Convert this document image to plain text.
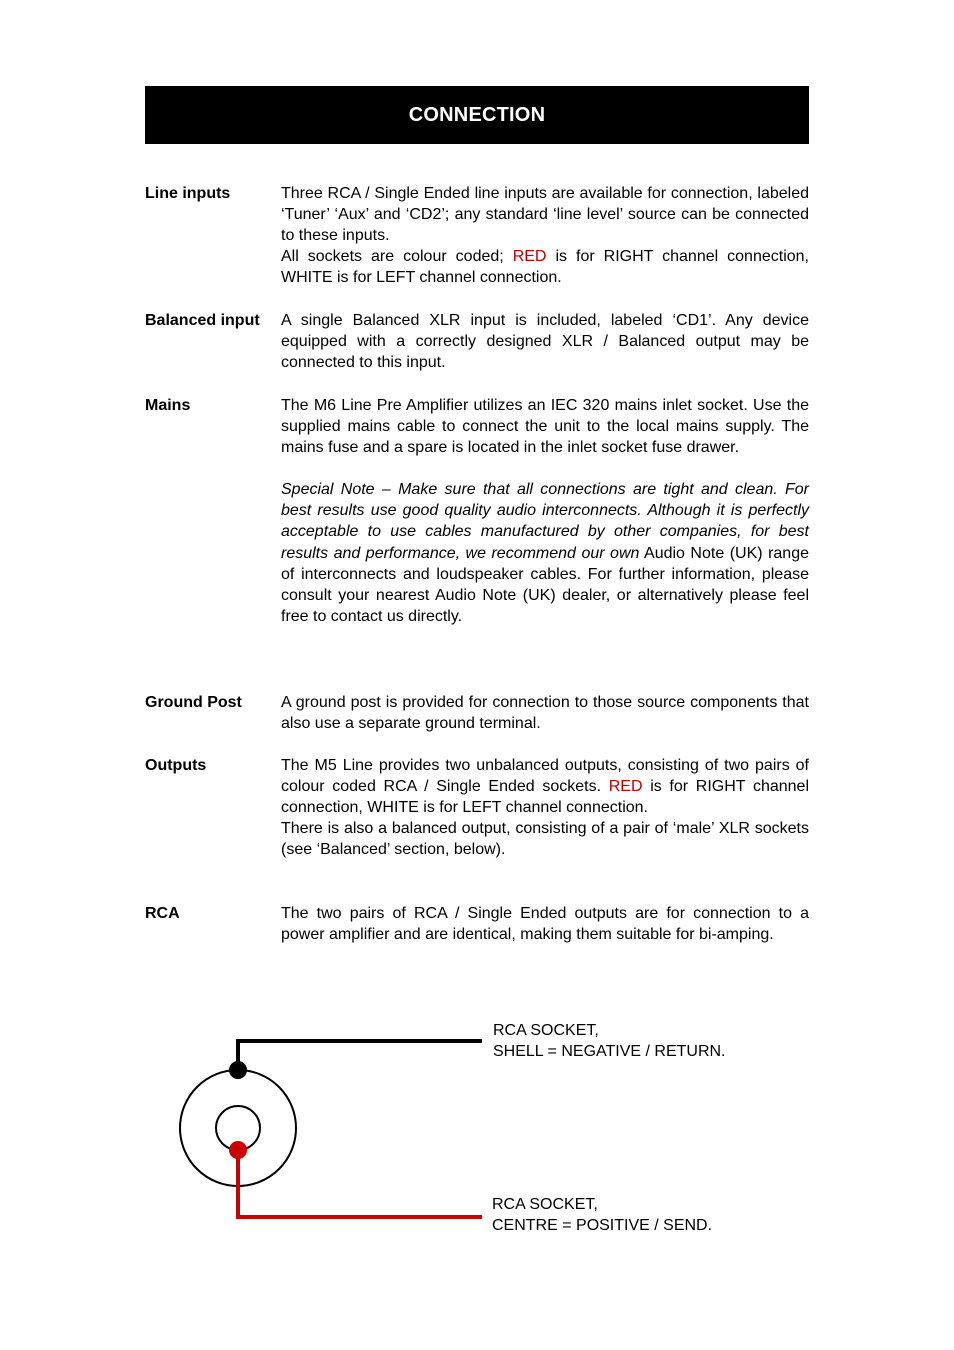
CONNECTION
Line inputs	Three RCA / Single Ended line inputs are available for connection, labeled ‘Tuner’ ‘Aux’ and ‘CD2’; any standard ‘line level’ source can be connected to these inputs.

All sockets are colour coded; RED is for RIGHT channel connection, WHITE is for LEFT channel connection.

Balanced input	A single Balanced XLR input is included, labeled ‘CD1’. Any device equipped with a correctly designed XLR / Balanced output may be connected to this input.

Mains	The M6 Line Pre Amplifier utilizes an IEC 320 mains inlet socket. Use the supplied mains cable to connect the unit to the local mains supply. The mains fuse and a spare is located in the inlet socket fuse drawer.

Special Note – Make sure that all connections are tight and clean. For best results use good quality audio interconnects. Although it is perfectly acceptable to use cables manufactured by other companies, for best results and performance, we recommend our own Audio Note (UK) range of interconnects and loudspeaker cables. For further information, please consult your nearest Audio Note (UK) dealer, or alternatively please feel free to contact us directly.

Ground Post	A ground post is provided for connection to those source components that also use a separate ground terminal.

Outputs	The M5 Line provides two unbalanced outputs, consisting of two pairs of colour coded RCA / Single Ended sockets. RED is for RIGHT channel connection, WHITE is for LEFT channel connection.

There is also a balanced output, consisting of a pair of ‘male’ XLR sockets (see ‘Balanced’ section, below).

RCA	The two pairs of RCA / Single Ended outputs are for connection to a power amplifier and are identical, making them suitable for bi-amping.

RCA SOCKET,
SHELL = NEGATIVE / RETURN.
RCA SOCKET,
CENTRE = POSITIVE / SEND.
